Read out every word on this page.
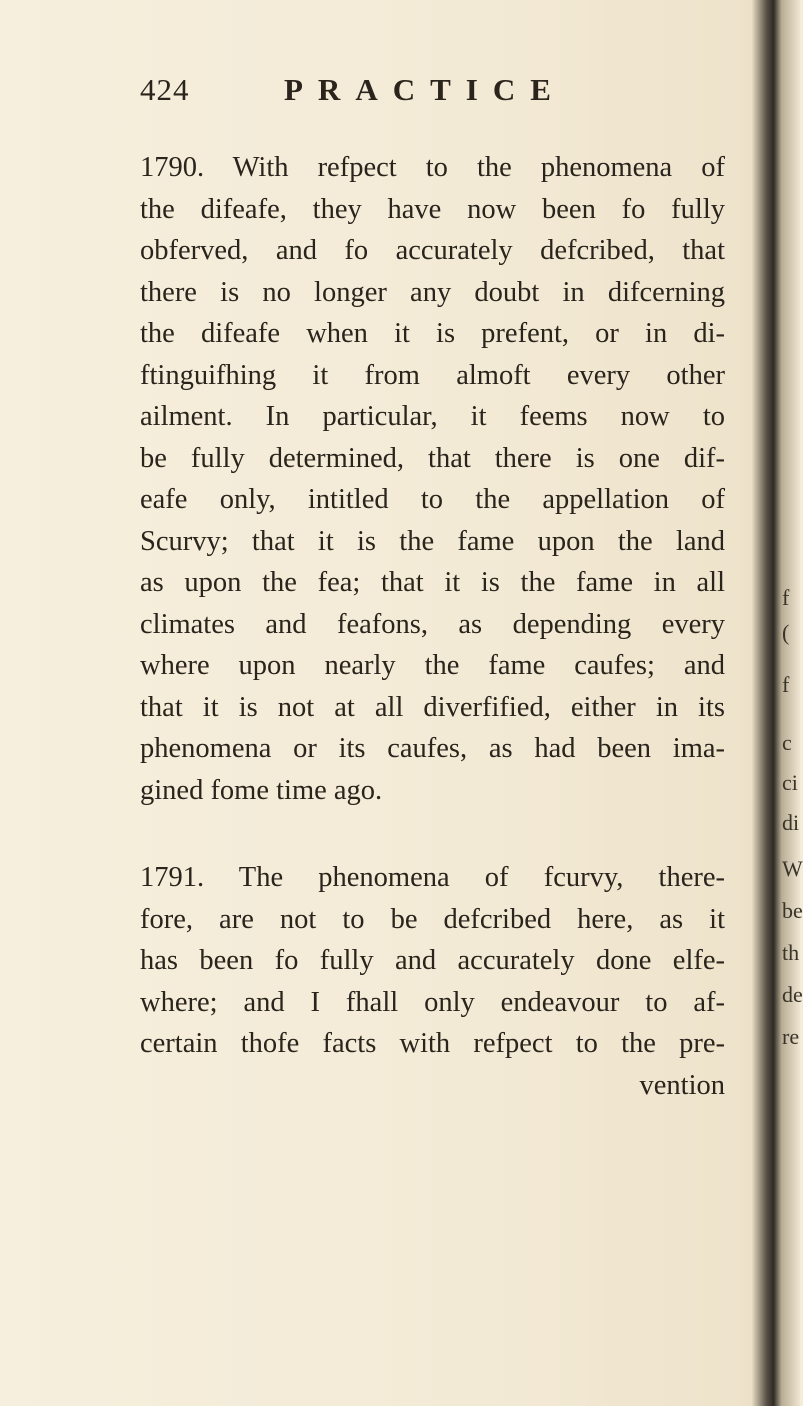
f
(
f
c
ci
di
W
be
th
de
re
424	PRACTICE
1790. With refpect to the phenomena of
the difeafe, they have now been fo fully
obferved, and fo accurately defcribed, that
there is no longer any doubt in difcerning
the difeafe when it is prefent, or in di-
ftinguifhing it from almoft every other
ailment. In particular, it feems now to
be fully determined, that there is one dif-
eafe only, intitled to the appellation of
Scurvy; that it is the fame upon the land
as upon the fea; that it is the fame in all
climates and feafons, as depending every
where upon nearly the fame caufes; and
that it is not at all diverfified, either in its
phenomena or its caufes, as had been ima-
gined fome time ago.
1791. The phenomena of fcurvy, there-
fore, are not to be defcribed here, as it
has been fo fully and accurately done elfe-
where; and I fhall only endeavour to af-
certain thofe facts with refpect to the pre-
vention
